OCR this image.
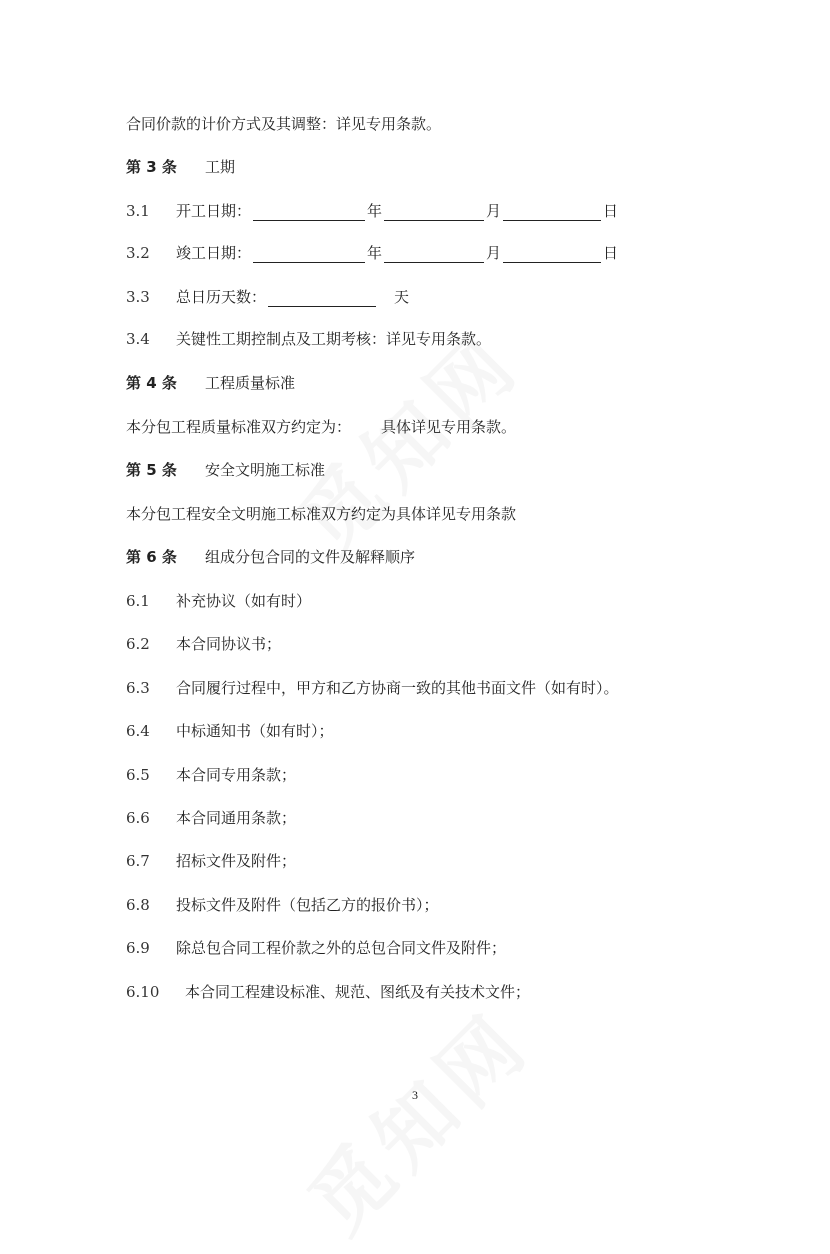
合同价款的计价方式及其调整：详见专用条款。
第 3 条 工期
3.1 开工日期：	年	月	日
3.2 竣工日期：	年	月	日
3.3 总日历天数：	天
3.4 关键性工期控制点及工期考核：详见专用条款。
第 4 条 工程质量标准
本分包工程质量标准双方约定为： 具体详见专用条款。
第 5 条 安全文明施工标准
本分包工程安全文明施工标准双方约定为具体详见专用条款
第 6 条 组成分包合同的文件及解释顺序
6.1 补充协议（如有时）
6.2 本合同协议书；
6.3 合同履行过程中，甲方和乙方协商一致的其他书面文件（如有时）。
6.4 中标通知书（如有时）；
6.5 本合同专用条款；
6.6 本合同通用条款；
6.7 招标文件及附件；
6.8 投标文件及附件（包括乙方的报价书）；
6.9 除总包合同工程价款之外的总包合同文件及附件；
6.10 本合同工程建设标准、规范、图纸及有关技术文件；
3
